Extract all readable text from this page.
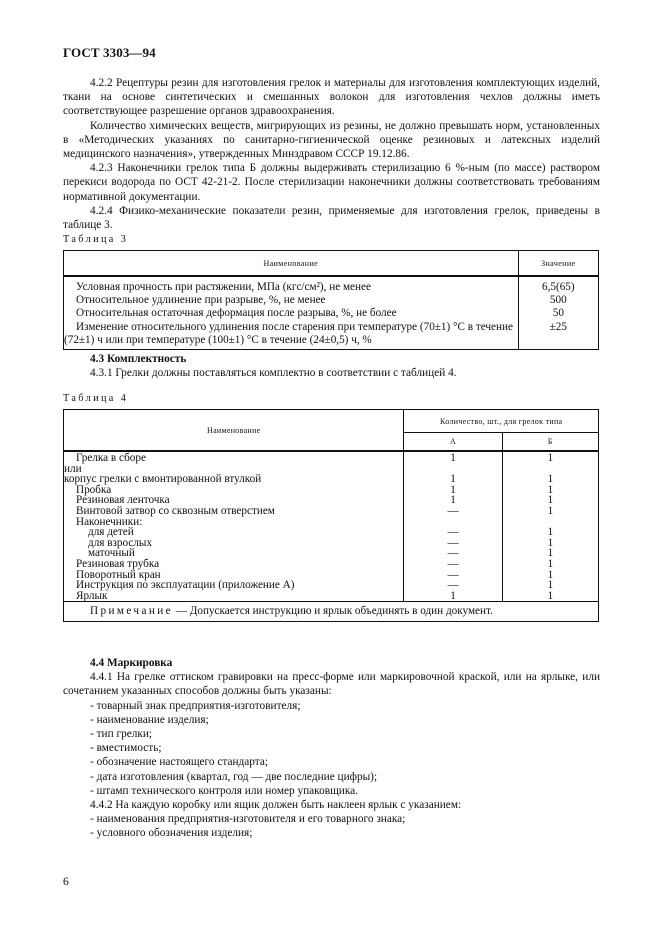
ГОСТ 3303—94

4.2.2 Рецептуры резин для изготовления грелок и материалы для изготовления комплектующих изделий, ткани на основе синтетических и смешанных волокон для изготовления чехлов должны иметь соответствующее разрешение органов здравоохранения.

Количество химических веществ, мигрирующих из резины, не должно превышать норм, установленных в «Методических указаниях по санитарно-гигиенической оценке резиновых и латексных изделий медицинского назначения», утвержденных Минздравом СССР 19.12.86.

4.2.3 Наконечники грелок типа Б должны выдерживать стерилизацию 6 %-ным (по массе) раствором перекиси водорода по ОСТ 42-21-2. После стерилизации наконечники должны соответствовать требованиям нормативной документации.

4.2.4 Физико-механические показатели резин, применяемые для изготовления грелок, приведены в таблице 3.

Таблица 3
Наименование	Значение
Условная прочность при растяжении, МПа (кгс/см²), не менее	6,5(65)
Относительное удлинение при разрыве, %, не менее	500
Относительная остаточная деформация после разрыва, %, не более	50
Изменение относительного удлинения после старения при температуре (70±1) °С в течение (72±1) ч или при температуре (100±1) °С в течение (24±0,5) ч, %	±25

4.3 Комплектность

4.3.1 Грелки должны поставляться комплектно в соответствии с таблицей 4.

Таблица 4
Наименование	Количество, шт., для грелок типа	
	А	Б
Грелка в сборе	1	1
или		
корпус грелки с вмонтированной втулкой	1	1
Пробка	1	1
Резиновая ленточка	1	1
Винтовой затвор со сквозным отверстием	—	1
Наконечники:		
для детей	—	1
для взрослых	—	1
маточный	—	1
Резиновая трубка	—	1
Поворотный кран	—	1
Инструкция по эксплуатации (приложение А)	—	1
Ярлык	1	1
Примечание — Допускается инструкцию и ярлык объединять в один документ.		

4.4 Маркировка

4.4.1 На грелке оттиском гравировки на пресс-форме или маркировочной краской, или на ярлыке, или сочетанием указанных способов должны быть указаны:

- товарный знак предприятия-изготовителя;
- наименование изделия;
- тип грелки;
- вместимость;
- обозначение настоящего стандарта;
- дата изготовления (квартал, год — две последние цифры);
- штамп технического контроля или номер упаковщика.

4.4.2 На каждую коробку или ящик должен быть наклеен ярлык с указанием:

- наименования предприятия-изготовителя и его товарного знака;
- условного обозначения изделия;
6
